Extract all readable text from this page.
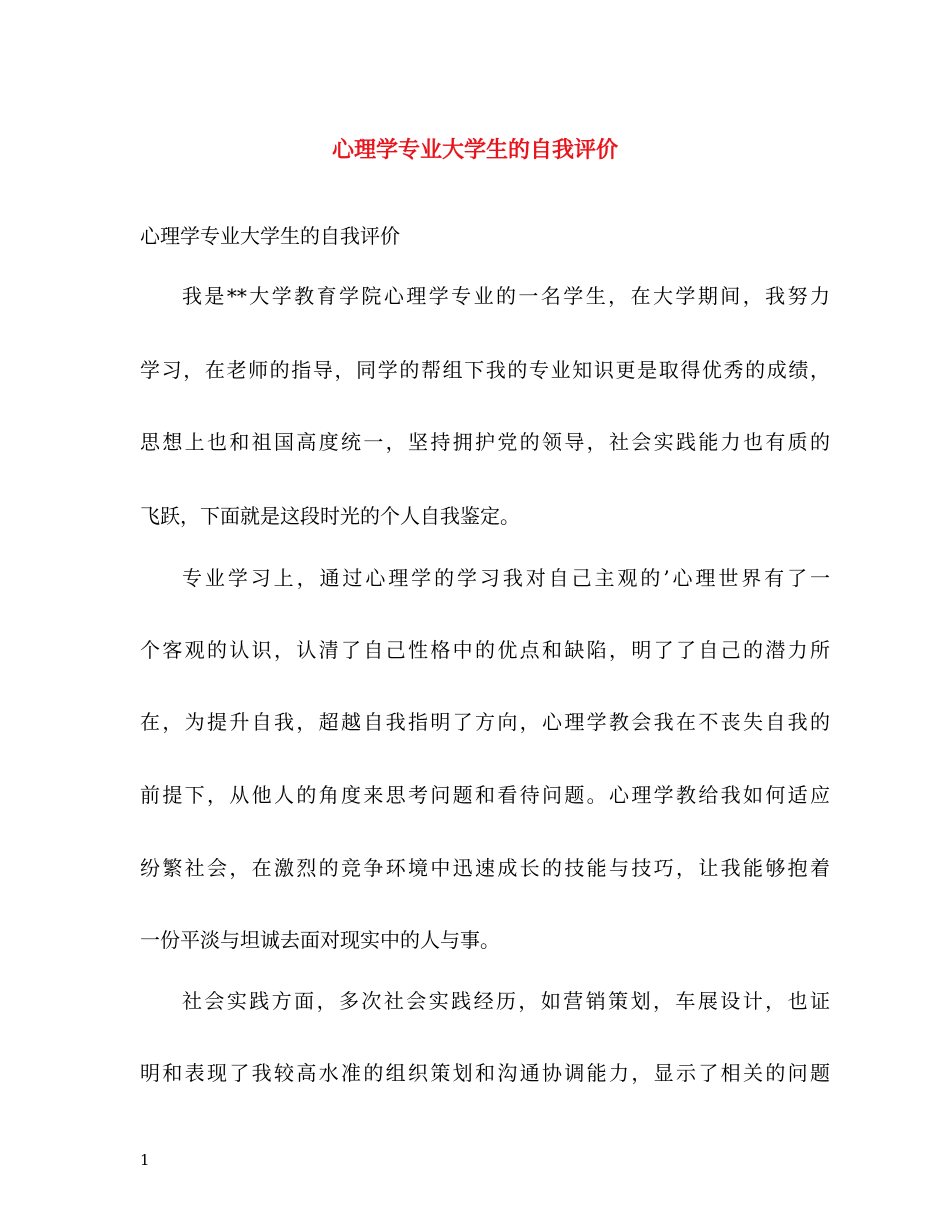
心理学专业大学生的自我评价
心理学专业大学生的自我评价
我是**大学教育学院心理学专业的一名学生，在大学期间，我努力
学习，在老师的指导，同学的帮组下我的专业知识更是取得优秀的成绩，
思想上也和祖国高度统一，坚持拥护党的领导，社会实践能力也有质的
飞跃，下面就是这段时光的个人自我鉴定。
专业学习上，通过心理学的学习我对自己主观的’心理世界有了一
个客观的认识，认清了自己性格中的优点和缺陷，明了了自己的潜力所
在，为提升自我，超越自我指明了方向，心理学教会我在不丧失自我的
前提下，从他人的角度来思考问题和看待问题。心理学教给我如何适应
纷繁社会，在激烈的竞争环境中迅速成长的技能与技巧，让我能够抱着
一份平淡与坦诚去面对现实中的人与事。
社会实践方面，多次社会实践经历，如营销策划，车展设计，也证
明和表现了我较高水准的组织策划和沟通协调能力，显示了相关的问题
1
